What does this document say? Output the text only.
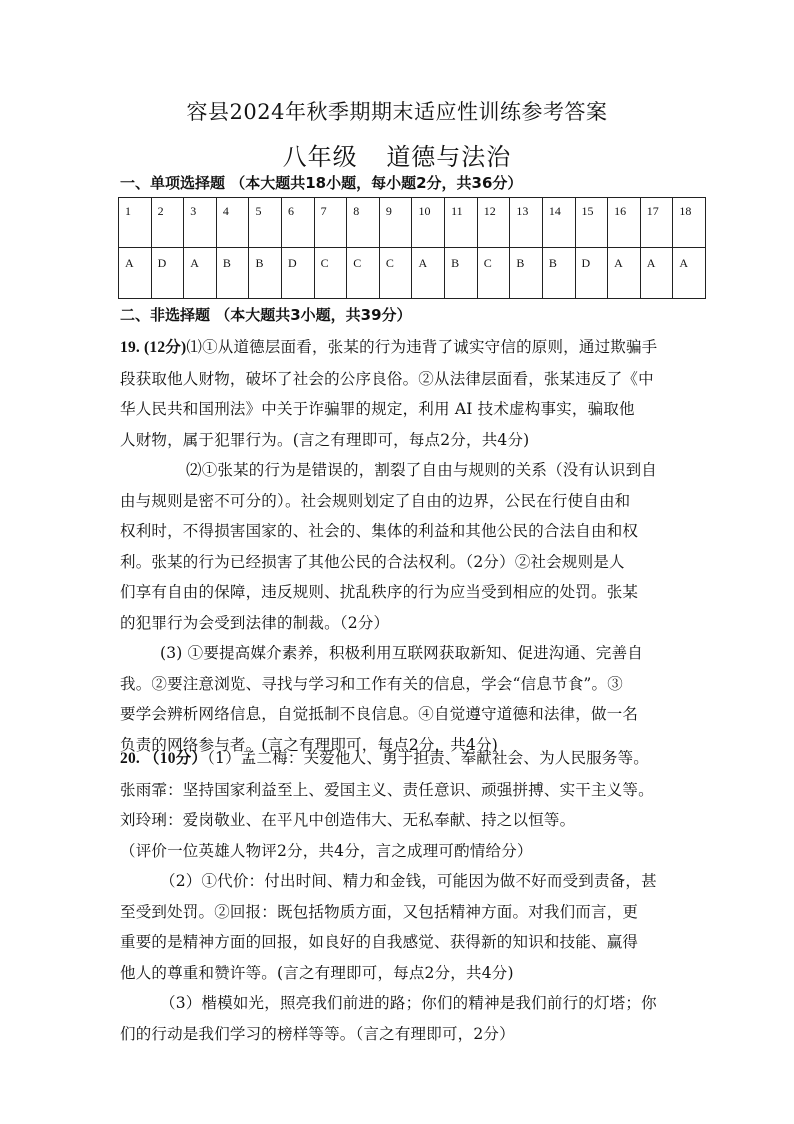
容县2024年秋季期期末适应性训练参考答案
八年级 道德与法治
一、单项选择题 （本大题共18小题，每小题2分，共36分）
1	2	3	4	5	6	7	8	9	10	11	12	13	14	15	16	17	18
A	D	A	B	B	D	C	C	C	A	B	C	B	B	D	A	A	A
二、非选择题 （本大题共3小题，共39分）
19. (12分)⑴①从道德层面看，张某的行为违背了诚实守信的原则，通过欺骗手
段获取他人财物，破坏了社会的公序良俗。②从法律层面看，张某违反了《中
华人民共和国刑法》中关于诈骗罪的规定，利用 AI 技术虚构事实，骗取他
人财物，属于犯罪行为。(言之有理即可，每点2分，共4分)
⑵①张某的行为是错误的，割裂了自由与规则的关系（没有认识到自
由与规则是密不可分的）。社会规则划定了自由的边界，公民在行使自由和
权利时，不得损害国家的、社会的、集体的利益和其他公民的合法自由和权
利。张某的行为已经损害了其他公民的合法权利。（2分）②社会规则是人
们享有自由的保障，违反规则、扰乱秩序的行为应当受到相应的处罚。张某
的犯罪行为会受到法律的制裁。（2分）
(3) ①要提高媒介素养，积极利用互联网获取新知、促进沟通、完善自
我。②要注意浏览、寻找与学习和工作有关的信息，学会“信息节食”。③
要学会辨析网络信息，自觉抵制不良信息。④自觉遵守道德和法律，做一名
负责的网络参与者。(言之有理即可，每点2分，共4分)
20. （10分）（1）孟二梅：关爱他人、勇于担责、奉献社会、为人民服务等。
张雨霏：坚持国家利益至上、爱国主义、责任意识、顽强拼搏、实干主义等。
刘玲琍：爱岗敬业、在平凡中创造伟大、无私奉献、持之以恒等。
（评价一位英雄人物评2分，共4分，言之成理可酌情给分）
（2）①代价：付出时间、精力和金钱，可能因为做不好而受到责备，甚
至受到处罚。②回报：既包括物质方面，又包括精神方面。对我们而言，更
重要的是精神方面的回报，如良好的自我感觉、获得新的知识和技能、赢得
他人的尊重和赞许等。(言之有理即可，每点2分，共4分)
（3）楷模如光，照亮我们前进的路；你们的精神是我们前行的灯塔；你
们的行动是我们学习的榜样等等。（言之有理即可，2分）
